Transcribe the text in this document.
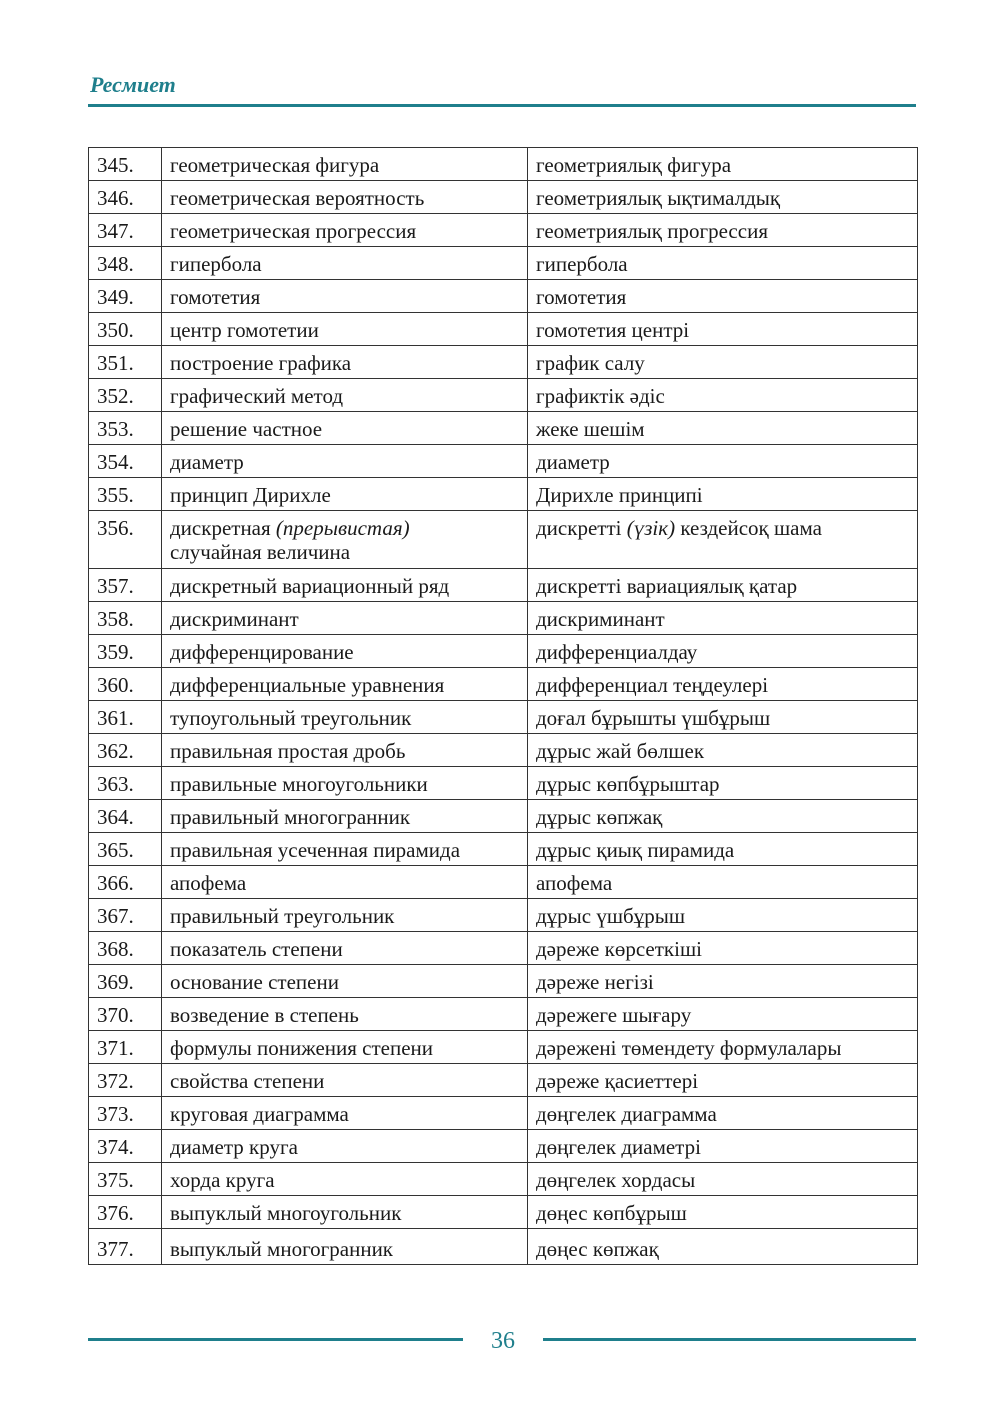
Ресмиет
345.	геометрическая фигура	геометриялық фигура
346.	геометрическая вероятность	геометриялық ықтималдық
347.	геометрическая прогрессия	геометриялық прогрессия
348.	гипербола	гипербола
349.	гомотетия	гомотетия
350.	центр гомотетии	гомотетия центрі
351.	построение графика	график салу
352.	графический метод	графиктік әдіс
353.	решение частное	жеке шешім
354.	диаметр	диаметр
355.	принцип Дирихле	Дирихле принципі
356.	дискретная (прерывистая)
случайная величина	дискретті (үзік) кездейсоқ шама
357.	дискретный вариационный ряд	дискретті вариациялық қатар
358.	дискриминант	дискриминант
359.	дифференцирование	дифференциалдау
360.	дифференциальные уравнения	дифференциал теңдеулері
361.	тупоугольный треугольник	доғал бұрышты үшбұрыш
362.	правильная простая дробь	дұрыс жай бөлшек
363.	правильные многоугольники	дұрыс көпбұрыштар
364.	правильный многогранник	дұрыс көпжақ
365.	правильная усеченная пирамида	дұрыс қиық пирамида
366.	апофема	апофема
367.	правильный треугольник	дұрыс үшбұрыш
368.	показатель степени	дәреже көрсеткіші
369.	основание степени	дәреже негізі
370.	возведение в степень	дәрежеге шығару
371.	формулы понижения степени	дәрежені төмендету формулалары
372.	свойства степени	дәреже қасиеттері
373.	круговая диаграмма	дөңгелек диаграмма
374.	диаметр круга	дөңгелек диаметрі
375.	хорда круга	дөңгелек хордасы
376.	выпуклый многоугольник	дөңес көпбұрыш
377.	выпуклый многогранник	дөңес көпжақ
36
